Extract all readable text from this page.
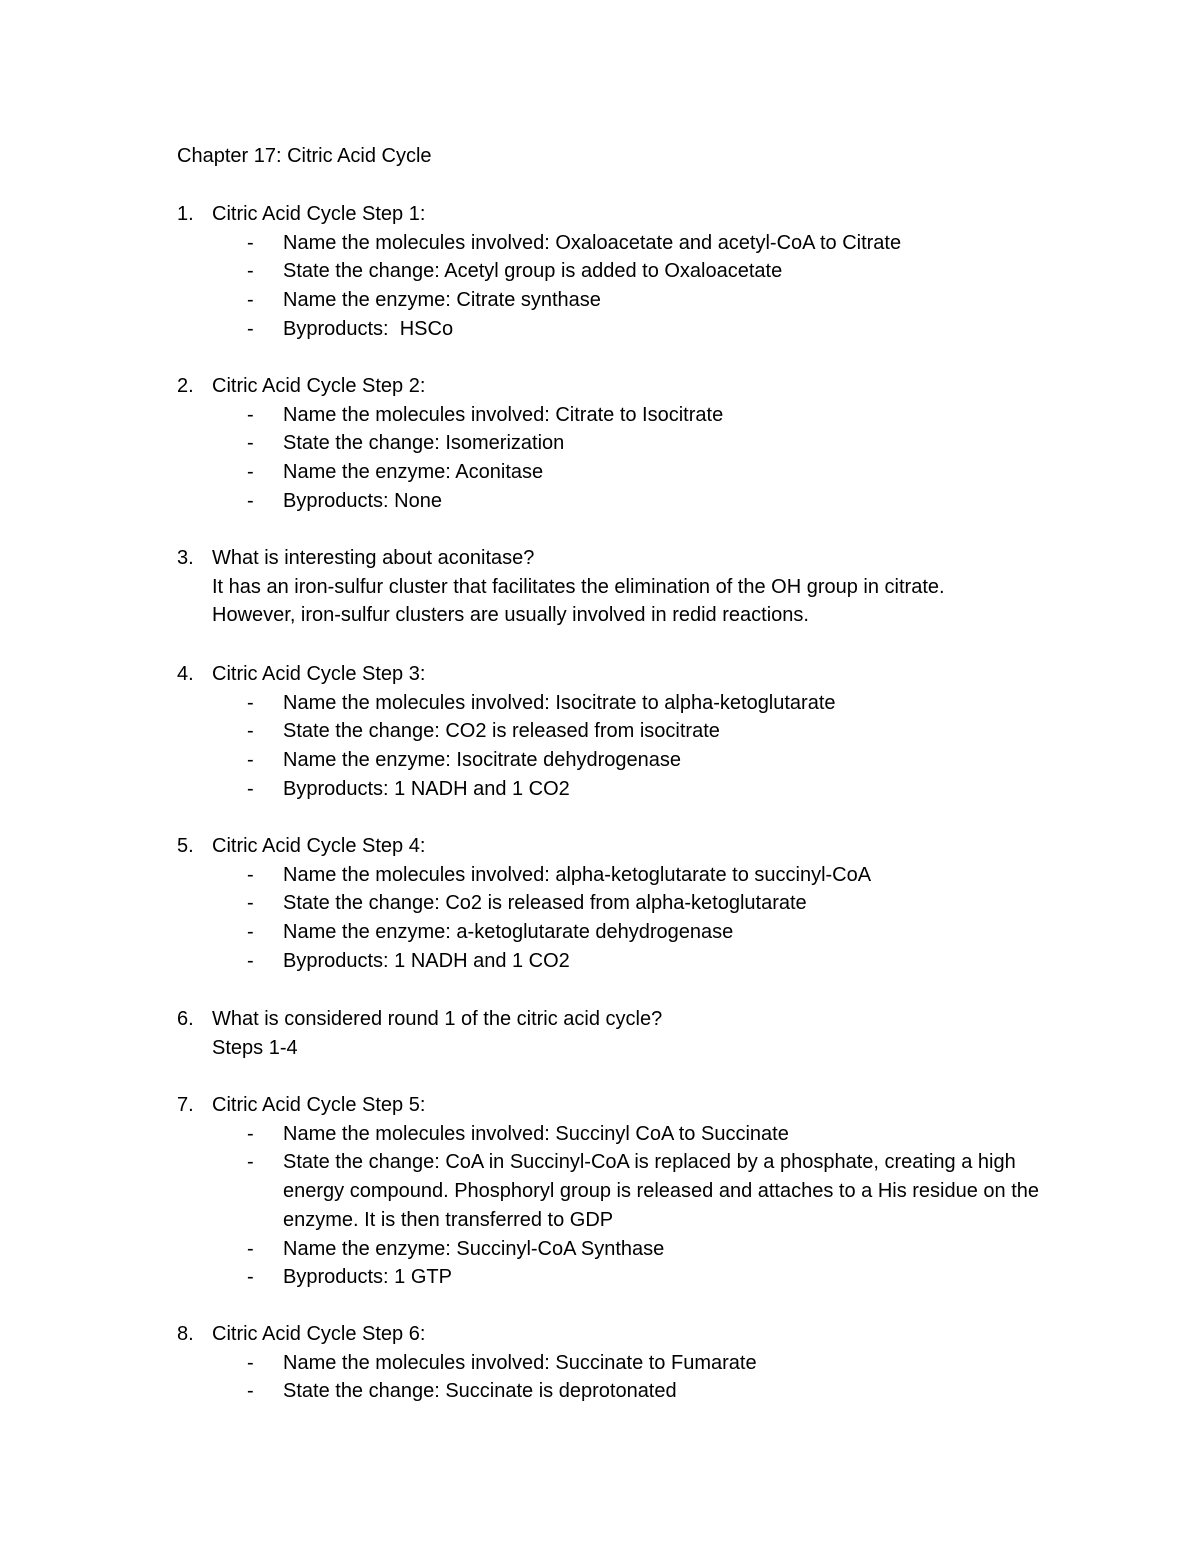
Chapter 17: Citric Acid Cycle
1. Citric Acid Cycle Step 1:
- Name the molecules involved: Oxaloacetate and acetyl-CoA to Citrate
- State the change: Acetyl group is added to Oxaloacetate
- Name the enzyme: Citrate synthase
- Byproducts:  HSCo
2. Citric Acid Cycle Step 2:
- Name the molecules involved: Citrate to Isocitrate
- State the change: Isomerization
- Name the enzyme: Aconitase
- Byproducts: None
3. What is interesting about aconitase?
It has an iron-sulfur cluster that facilitates the elimination of the OH group in citrate.
However, iron-sulfur clusters are usually involved in redid reactions.
4. Citric Acid Cycle Step 3:
- Name the molecules involved: Isocitrate to alpha-ketoglutarate
- State the change: CO2 is released from isocitrate
- Name the enzyme: Isocitrate dehydrogenase
- Byproducts: 1 NADH and 1 CO2
5. Citric Acid Cycle Step 4:
- Name the molecules involved: alpha-ketoglutarate to succinyl-CoA
- State the change: Co2 is released from alpha-ketoglutarate
- Name the enzyme: a-ketoglutarate dehydrogenase
- Byproducts: 1 NADH and 1 CO2
6. What is considered round 1 of the citric acid cycle?
Steps 1-4
7. Citric Acid Cycle Step 5:
- Name the molecules involved: Succinyl CoA to Succinate
- State the change: CoA in Succinyl-CoA is replaced by a phosphate, creating a high energy compound. Phosphoryl group is released and attaches to a His residue on the enzyme. It is then transferred to GDP
- Name the enzyme: Succinyl-CoA Synthase
- Byproducts: 1 GTP
8. Citric Acid Cycle Step 6:
- Name the molecules involved: Succinate to Fumarate
- State the change: Succinate is deprotonated
